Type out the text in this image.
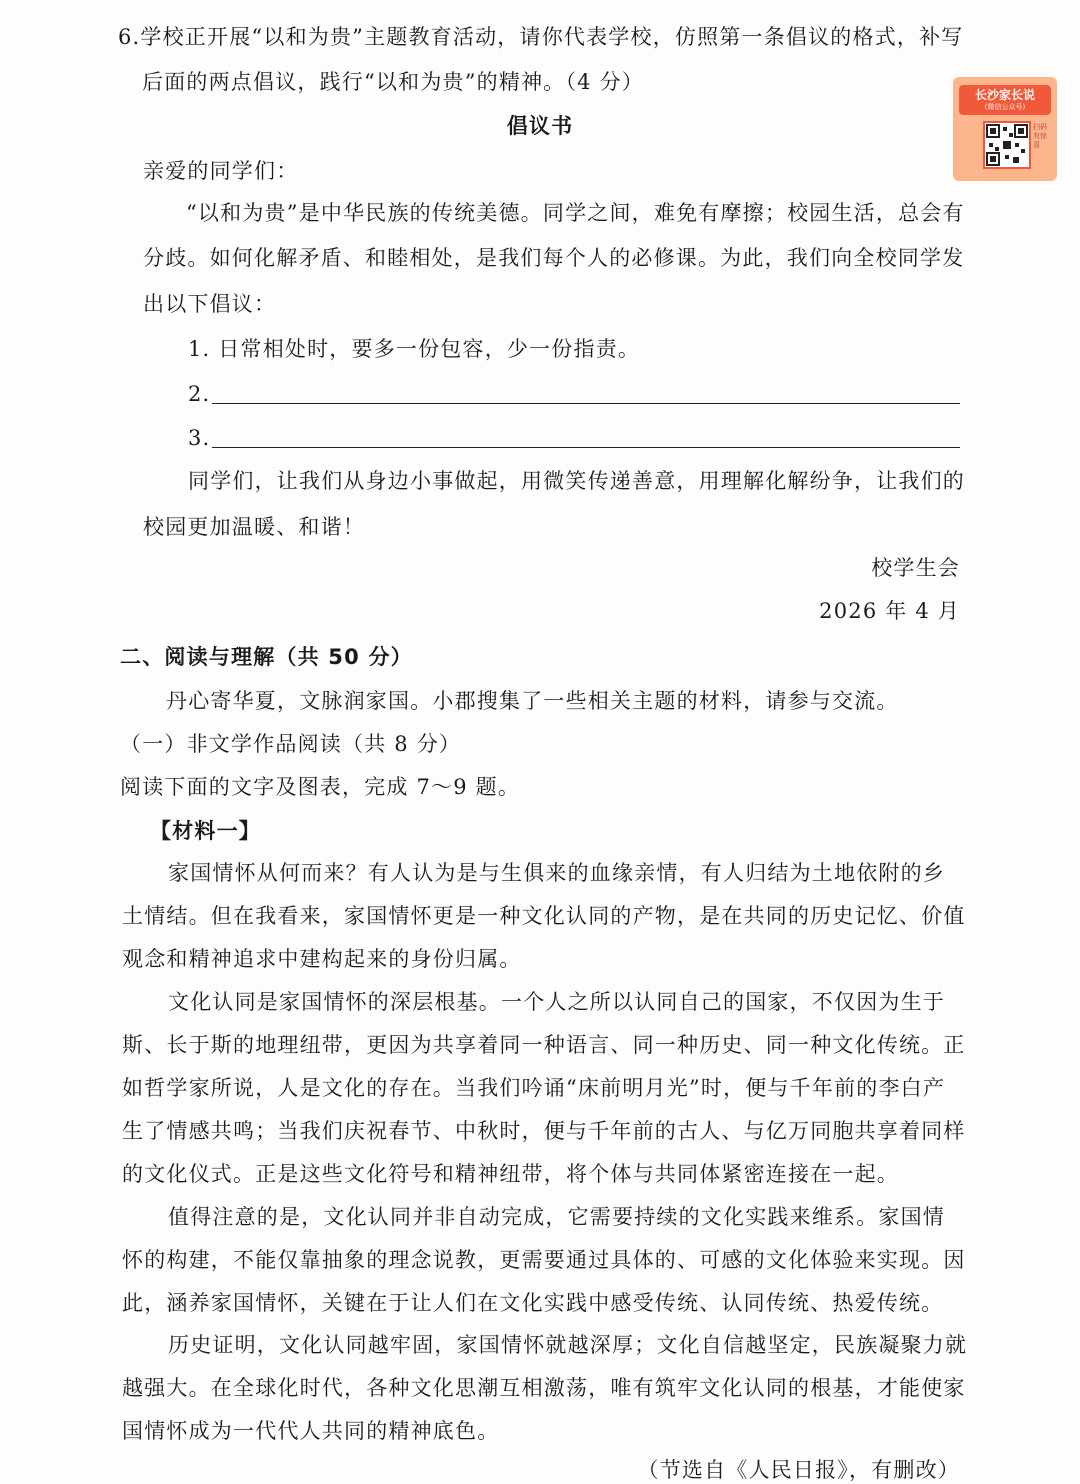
6.学校正开展“以和为贵”主题教育活动，请你代表学校，仿照第一条倡议的格式，补写
后面的两点倡议，践行“以和为贵”的精神。（4 分）
倡议书
亲爱的同学们：
“以和为贵”是中华民族的传统美德。同学之间，难免有摩擦；校园生活，总会有
分歧。如何化解矛盾、和睦相处，是我们每个人的必修课。为此，我们向全校同学发
出以下倡议：
1. 日常相处时，要多一份包容，少一份指责。
2.
3.
同学们，让我们从身边小事做起，用微笑传递善意，用理解化解纷争，让我们的
校园更加温暖、和谐！
校学生会
2026 年 4 月
二、阅读与理解（共 50 分）
丹心寄华夏，文脉润家国。小郡搜集了一些相关主题的材料，请参与交流。
（一）非文学作品阅读（共 8 分）
阅读下面的文字及图表，完成 7～9 题。
【材料一】
家国情怀从何而来？有人认为是与生俱来的血缘亲情，有人归结为土地依附的乡
土情结。但在我看来，家国情怀更是一种文化认同的产物，是在共同的历史记忆、价值
观念和精神追求中建构起来的身份归属。
文化认同是家国情怀的深层根基。一个人之所以认同自己的国家，不仅因为生于
斯、长于斯的地理纽带，更因为共享着同一种语言、同一种历史、同一种文化传统。正
如哲学家所说，人是文化的存在。当我们吟诵“床前明月光”时，便与千年前的李白产
生了情感共鸣；当我们庆祝春节、中秋时，便与千年前的古人、与亿万同胞共享着同样
的文化仪式。正是这些文化符号和精神纽带，将个体与共同体紧密连接在一起。
值得注意的是，文化认同并非自动完成，它需要持续的文化实践来维系。家国情
怀的构建，不能仅靠抽象的理念说教，更需要通过具体的、可感的文化体验来实现。因
此，涵养家国情怀，关键在于让人们在文化实践中感受传统、认同传统、热爱传统。
历史证明，文化认同越牢固，家国情怀就越深厚；文化自信越坚定，民族凝聚力就
越强大。在全球化时代，各种文化思潮互相激荡，唯有筑牢文化认同的根基，才能使家
国情怀成为一代代人共同的精神底色。
（节选自《人民日报》，有删改）
长沙家长说
(微信公众号)
扫码有惊喜
